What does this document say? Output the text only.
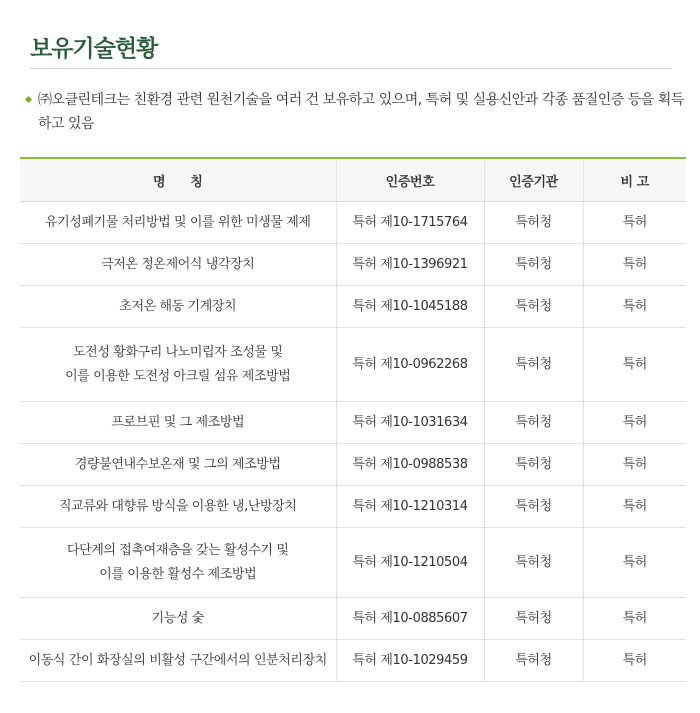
보유기술현황
㈜오클린테크는 친환경 관련 원천기술을 여러 건 보유하고 있으며, 특허 및 실용신안과 각종 품질인증 등을 획득하고 있음
명　　칭	인증번호	인증기관	비 고

유기성폐기물 처리방법 및 이를 위한 미생물 제제	특허 제10-1715764	특허청	특허

극저온 정온제어식 냉각장치	특허 제10-1396921	특허청	특허

초저온 해동 기계장치	특허 제10-1045188	특허청	특허

도전성 황화구리 나노미립자 조성물 및
이를 이용한 도전성 아크릴 섬유 제조방법	특허 제10-0962268	특허청	특허

프로브핀 및 그 제조방법	특허 제10-1031634	특허청	특허

경량불연내수보온재 및 그의 제조방법	특허 제10-0988538	특허청	특허

직교류와 대향류 방식을 이용한 냉,난방장치	특허 제10-1210314	특허청	특허

다단계의 접촉여재층을 갖는 활성수기 및
이를 이용한 활성수 제조방법	특허 제10-1210504	특허청	특허

기능성 숯	특허 제10-0885607	특허청	특허

이동식 간이 화장실의 비활성 구간에서의 인분처리장치	특허 제10-1029459	특허청	특허
